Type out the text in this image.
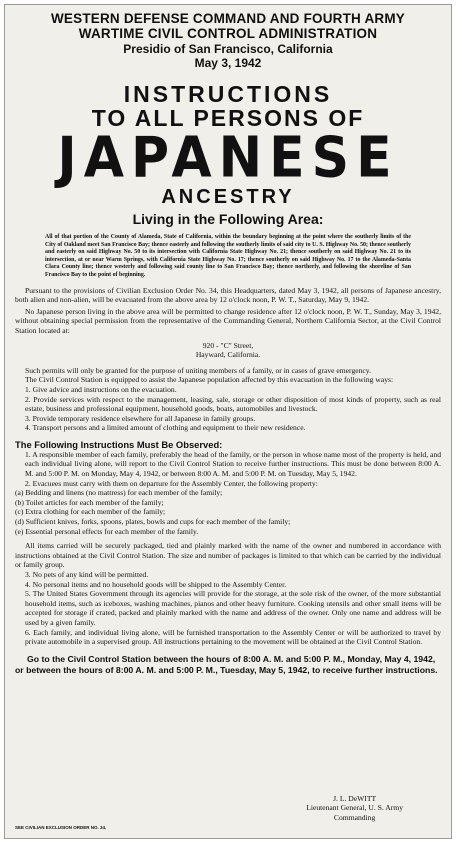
WESTERN DEFENSE COMMAND AND FOURTH ARMY
WARTIME CIVIL CONTROL ADMINISTRATION
Presidio of San Francisco, California
May 3, 1942
INSTRUCTIONS
TO ALL PERSONS OF
JAPANESE
ANCESTRY
Living in the Following Area:
All of that portion of the County of Alameda, State of California, within the boundary beginning at the point where the southerly limits of the City of Oakland meet San Francisco Bay; thence easterly and following the southerly limits of said city to U. S. Highway No. 50; thence southerly and easterly on said Highway No. 50 to its intersection with California State Highway No. 21; thence southerly on said Highway No. 21 to its intersection, at or near Warm Springs, with California State Highway No. 17; thence southerly on said Highway No. 17 to the Alameda-Santa Clara County line; thence westerly and following said county line to San Francisco Bay; thence northerly, and following the shoreline of San Francisco Bay to the point of beginning.
Pursuant to the provisions of Civilian Exclusion Order No. 34, this Headquarters, dated May 3, 1942, all persons of Japanese ancestry, both alien and non-alien, will be evacuated from the above area by 12 o'clock noon, P. W. T., Saturday, May 9, 1942.
No Japanese person living in the above area will be permitted to change residence after 12 o'clock noon, P. W. T., Sunday, May 3, 1942, without obtaining special permission from the representative of the Commanding General, Northern California Sector, at the Civil Control Station located at:
920 - "C" Street,
Hayward, California.
Such permits will only be granted for the purpose of uniting members of a family, or in cases of grave emergency.
The Civil Control Station is equipped to assist the Japanese population affected by this evacuation in the following ways:
1. Give advice and instructions on the evacuation.
2. Provide services with respect to the management, leasing, sale, storage or other disposition of most kinds of property, such as real estate, business and professional equipment, household goods, boats, automobiles and livestock.
3. Provide temporary residence elsewhere for all Japanese in family groups.
4. Transport persons and a limited amount of clothing and equipment to their new residence.
The Following Instructions Must Be Observed:
1. A responsible member of each family, preferably the head of the family, or the person in whose name most of the property is held, and each individual living alone, will report to the Civil Control Station to receive further instructions. This must be done between 8:00 A. M. and 5:00 P. M. on Monday, May 4, 1942, or between 8:00 A. M. and 5:00 P. M. on Tuesday, May 5, 1942.
2. Evacuees must carry with them on departure for the Assembly Center, the following property:
(a) Bedding and linens (no mattress) for each member of the family;
(b) Toilet articles for each member of the family;
(c) Extra clothing for each member of the family;
(d) Sufficient knives, forks, spoons, plates, bowls and cups for each member of the family;
(e) Essential personal effects for each member of the family.
All items carried will be securely packaged, tied and plainly marked with the name of the owner and numbered in accordance with instructions obtained at the Civil Control Station. The size and number of packages is limited to that which can be carried by the individual or family group.
3. No pets of any kind will be permitted.
4. No personal items and no household goods will be shipped to the Assembly Center.
5. The United States Government through its agencies will provide for the storage, at the sole risk of the owner, of the more substantial household items, such as iceboxes, washing machines, pianos and other heavy furniture. Cooking utensils and other small items will be accepted for storage if crated, packed and plainly marked with the name and address of the owner. Only one name and address will be used by a given family.
6. Each family, and individual living alone, will be furnished transportation to the Assembly Center or will be authorized to travel by private automobile in a supervised group. All instructions pertaining to the movement will be obtained at the Civil Control Station.
Go to the Civil Control Station between the hours of 8:00 A. M. and 5:00 P. M., Monday, May 4, 1942, or between the hours of 8:00 A. M. and 5:00 P. M., Tuesday, May 5, 1942, to receive further instructions.
J. L. DeWITT
Lieutenant General, U. S. Army
Commanding
SEE CIVILIAN EXCLUSION ORDER NO. 34.
